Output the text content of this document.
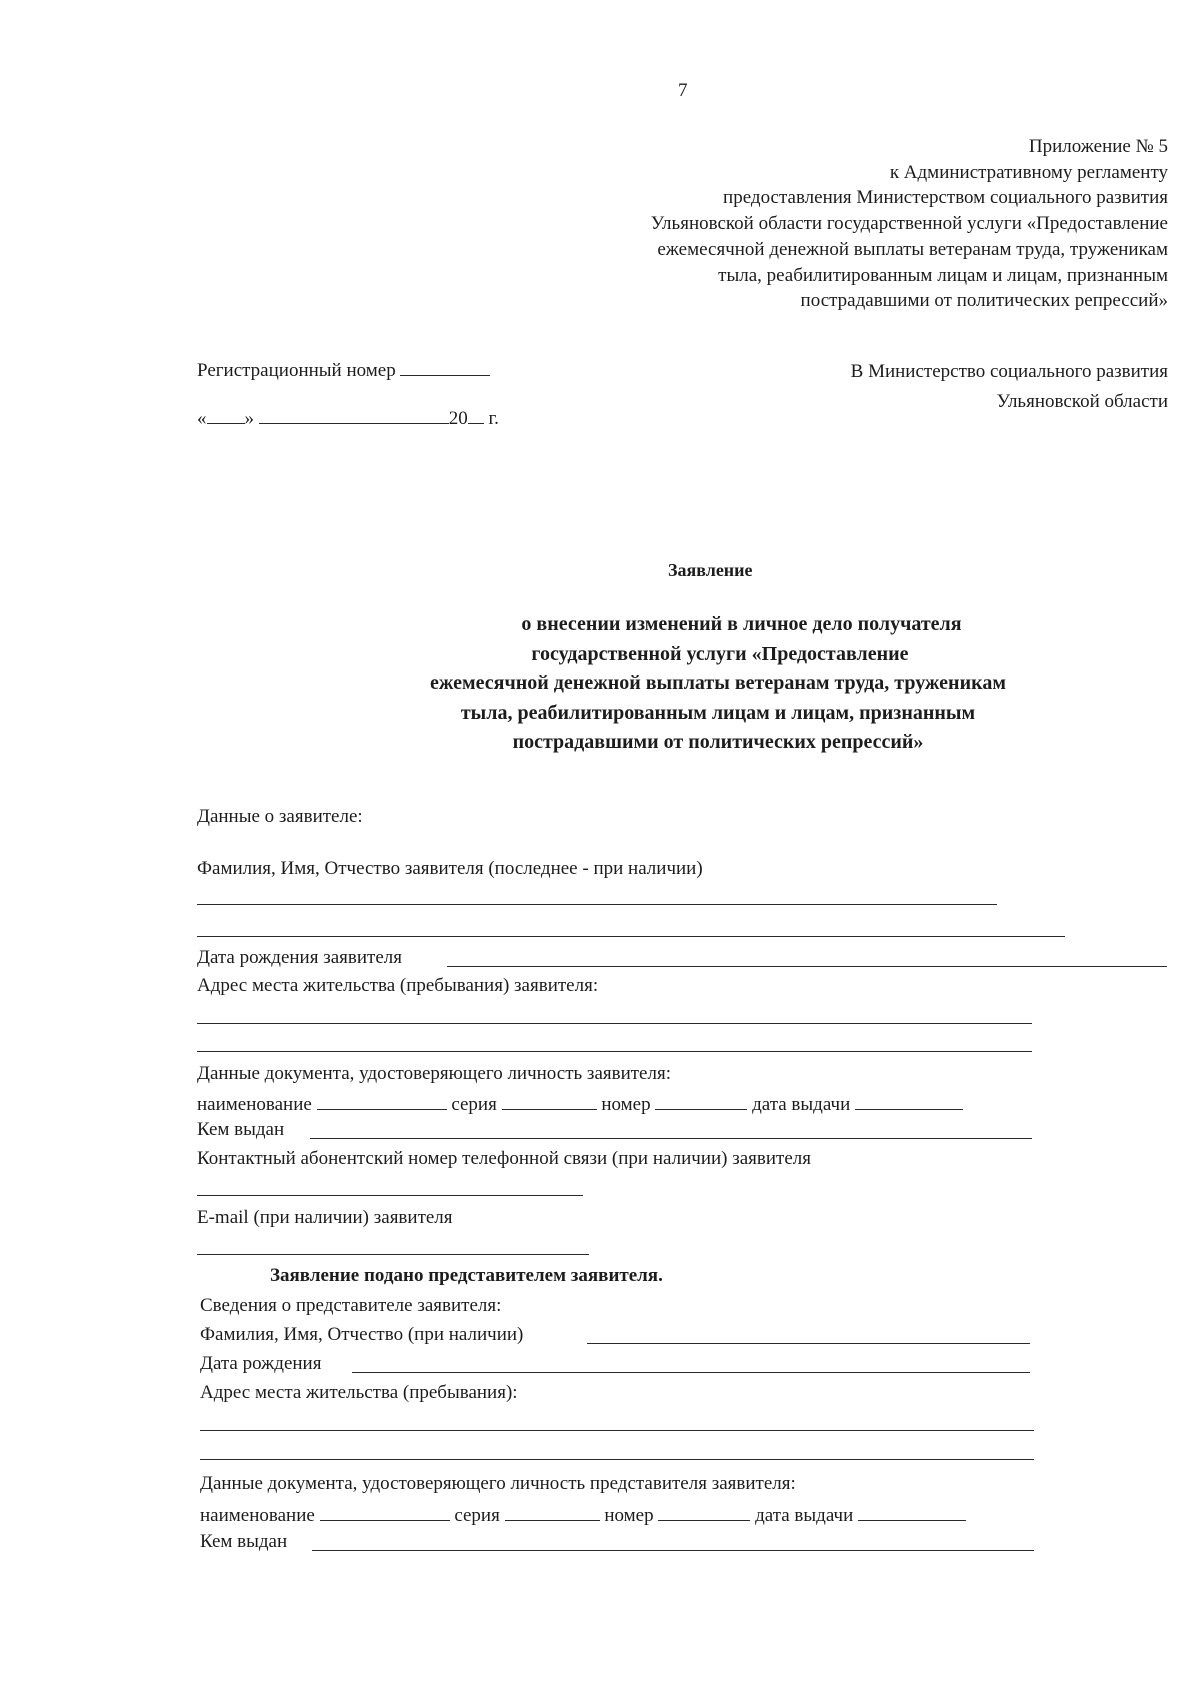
7
Приложение № 5
к Административному регламенту
предоставления Министерством социального развития
Ульяновской области государственной услуги «Предоставление
ежемесячной денежной выплаты ветеранам труда, труженикам
тыла, реабилитированным лицам и лицам, признанным
пострадавшими от политических репрессий»
Регистрационный номер
« »	20 г.
В Министерство социального развития
Ульяновской области
Заявление
о внесении изменений в личное дело получателя
государственной услуги «Предоставление
ежемесячной денежной выплаты ветеранам труда, труженикам
тыла, реабилитированным лицам и лицам, признанным
пострадавшими от политических репрессий»
Данные о заявителе:
Фамилия, Имя, Отчество заявителя (последнее - при наличии)
Дата рождения заявителя
Адрес места жительства (пребывания) заявителя:
Данные документа, удостоверяющего личность заявителя:
наименование	серия	номер	дата выдачи
Кем выдан
Контактный абонентский номер телефонной связи (при наличии) заявителя
E-mail (при наличии) заявителя
Заявление подано представителем заявителя.
Сведения о представителе заявителя:
Фамилия, Имя, Отчество (при наличии)
Дата рождения
Адрес места жительства (пребывания):
Данные документа, удостоверяющего личность представителя заявителя:
наименование	серия	номер	дата выдачи
Кем выдан
